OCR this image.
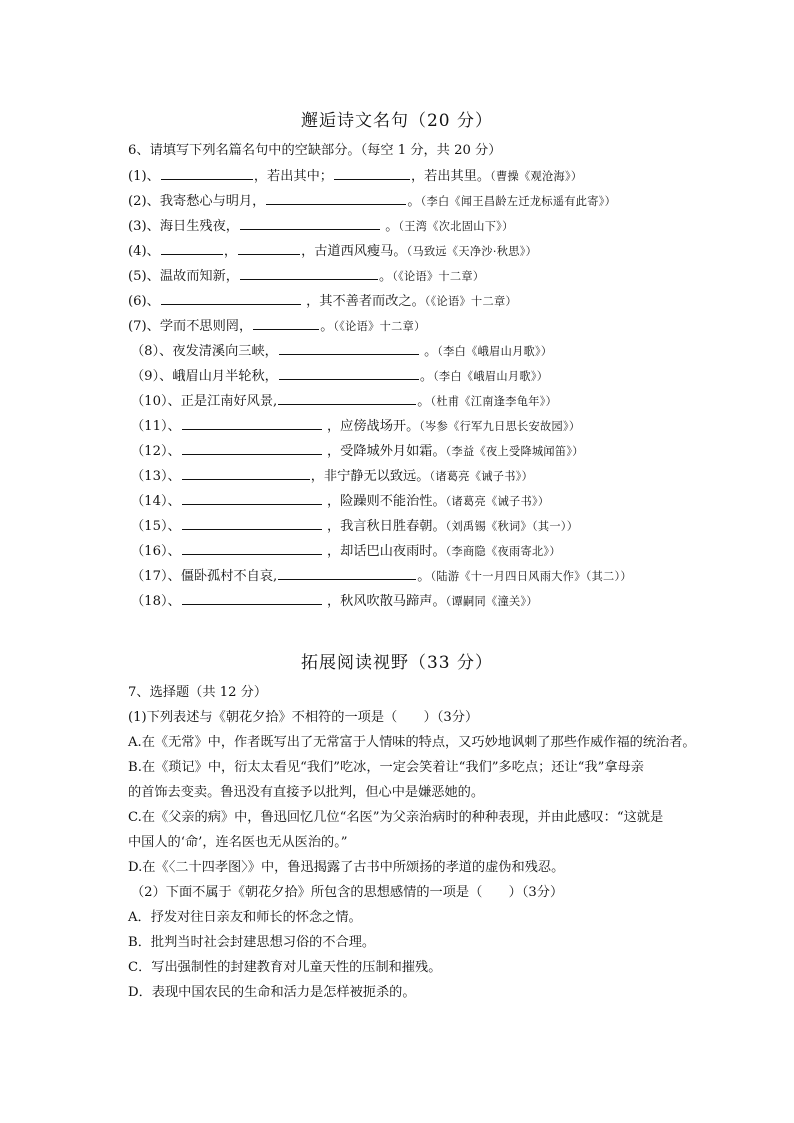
邂逅诗文名句（20 分）
6、请填写下列名篇名句中的空缺部分。（每空 1 分，共 20 分）
(1)、	，若出其中；	，若出其里。（曹操《观沧海》）
(2)、我寄愁心与明月，	。（李白《闻王昌龄左迁龙标遥有此寄》）
(3)、海日生残夜，	。（王湾《次北固山下》）
(4)、	，	，古道西风瘦马。（马致远《天净沙·秋思》）
(5)、温故而知新，	。（《论语》十二章）
(6)、	，其不善者而改之。（《论语》十二章）
(7)、学而不思则罔，	。（《论语》十二章）
（8）、夜发清溪向三峡，	。（李白《峨眉山月歌》）
（9）、峨眉山月半轮秋，	。（李白《峨眉山月歌》）
（10）、正是江南好风景,	。（杜甫《江南逢李龟年》）
（11）、	，应傍战场开。（岑参《行军九日思长安故园》）
（12）、	，受降城外月如霜。（李益《夜上受降城闻笛》）
（13）、	，非宁静无以致远。（诸葛亮《诫子书》）
（14）、	，险躁则不能治性。（诸葛亮《诫子书》）
（15）、	，我言秋日胜春朝。（刘禹锡《秋词》（其一））
（16）、	，却话巴山夜雨时。（李商隐《夜雨寄北》）
（17）、僵卧孤村不自哀,	。（陆游《十一月四日风雨大作》（其二））
（18）、	，秋风吹散马蹄声。（谭嗣同《潼关》）
拓展阅读视野（33 分）
7、选择题（共 12 分）
(1)下列表述与《朝花夕拾》不相符的一项是（　　）（3分）
A.在《无常》中，作者既写出了无常富于人情味的特点，又巧妙地讽刺了那些作威作福的统治者。
B.在《琐记》中，衍太太看见“我们”吃冰，一定会笑着让“我们”多吃点；还让“我”拿母亲
的首饰去变卖。鲁迅没有直接予以批判，但心中是嫌恶她的。
C.在《父亲的病》中，鲁迅回忆几位“名医”为父亲治病时的种种表现，并由此感叹：“这就是
中国人的‘命’，连名医也无从医治的。”
D.在《〈二十四孝图〉》中，鲁迅揭露了古书中所颂扬的孝道的虚伪和残忍。
（2）下面不属于《朝花夕拾》所包含的思想感情的一项是（　　）（3分）
A．抒发对往日亲友和师长的怀念之情。
B．批判当时社会封建思想习俗的不合理。
C．写出强制性的封建教育对儿童天性的压制和摧残。
D．表现中国农民的生命和活力是怎样被扼杀的。
